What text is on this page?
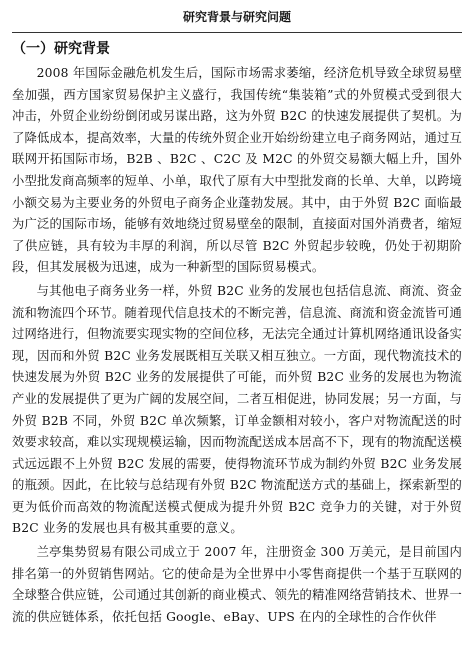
研究背景与研究问题
（一）研究背景

2008 年国际金融危机发生后，国际市场需求萎缩，经济危机导致全球贸易壁垒加强，西方国家贸易保护主义盛行，我国传统“集装箱”式的外贸模式受到很大冲击，外贸企业纷纷倒闭或另谋出路，这为外贸 B2C 的快速发展提供了契机。为了降低成本，提高效率，大量的传统外贸企业开始纷纷建立电子商务网站，通过互联网开拓国际市场，B2B 、B2C 、C2C 及 M2C 的外贸交易额大幅上升，国外小型批发商高频率的短单、小单，取代了原有大中型批发商的长单、大单，以跨境小额交易为主要业务的外贸电子商务企业蓬勃发展。其中，由于外贸 B2C 面临最为广泛的国际市场，能够有效地绕过贸易壁垒的限制，直接面对国外消费者，缩短了供应链，具有较为丰厚的利润，所以尽管 B2C 外贸起步较晚，仍处于初期阶段，但其发展极为迅速，成为一种新型的国际贸易模式。

与其他电子商务业务一样，外贸 B2C 业务的发展也包括信息流、商流、资金流和物流四个环节。随着现代信息技术的不断完善，信息流、商流和资金流皆可通过网络进行，但物流要实现实物的空间位移，无法完全通过计算机网络通讯设备实现，因而和外贸 B2C 业务发展既相互关联又相互独立。一方面，现代物流技术的快速发展为外贸 B2C 业务的发展提供了可能，而外贸 B2C 业务的发展也为物流产业的发展提供了更为广阔的发展空间，二者互相促进，协同发展；另一方面，与外贸 B2B 不同，外贸 B2C 单次频繁，订单金额相对较小，客户对物流配送的时效要求较高，难以实现规模运输，因而物流配送成本居高不下，现有的物流配送模式远远跟不上外贸 B2C 发展的需要，使得物流环节成为制约外贸 B2C 业务发展的瓶颈。因此，在比较与总结现有外贸 B2C 物流配送方式的基础上，探索新型的更为低价而高效的物流配送模式便成为提升外贸 B2C 竞争力的关键，对于外贸 B2C 业务的发展也具有极其重要的意义。

兰亭集势贸易有限公司成立于 2007 年，注册资金 300 万美元，是目前国内排名第一的外贸销售网站。它的使命是为全世界中小零售商提供一个基于互联网的全球整合供应链，公司通过其创新的商业模式、领先的精准网络营销技术、世界一流的供应链体系，依托包括 Google、eBay、UPS 在内的全球性的合作伙伴
